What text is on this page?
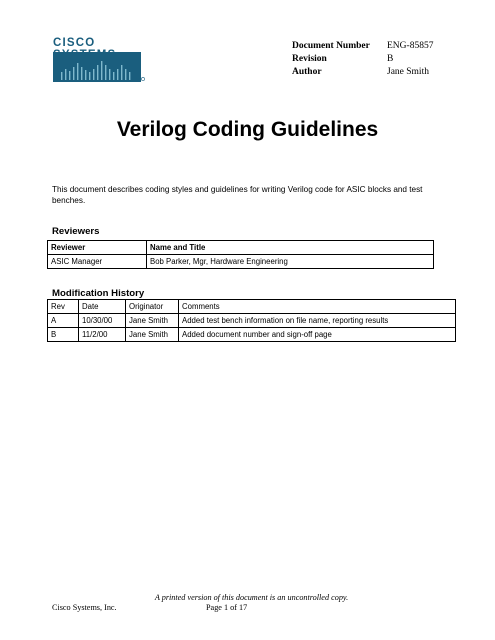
CISCO	Document Number	ENG-85857
Revision	B
Author	Jane Smith
Verilog Coding Guidelines
This document describes coding styles and guidelines for writing Verilog code for ASIC blocks and test benches.
Reviewers
Reviewer	Name and Title
ASIC Manager	Bob Parker, Mgr, Hardware Engineering
Modification History
Rev	Date	Originator	Comments
A	10/30/00	Jane Smith	Added test bench information on file name, reporting results
B	11/2/00	Jane Smith	Added document number and sign-off page
A printed version of this document is an uncontrolled copy.
Cisco Systems, Inc.	Page 1 of 17
